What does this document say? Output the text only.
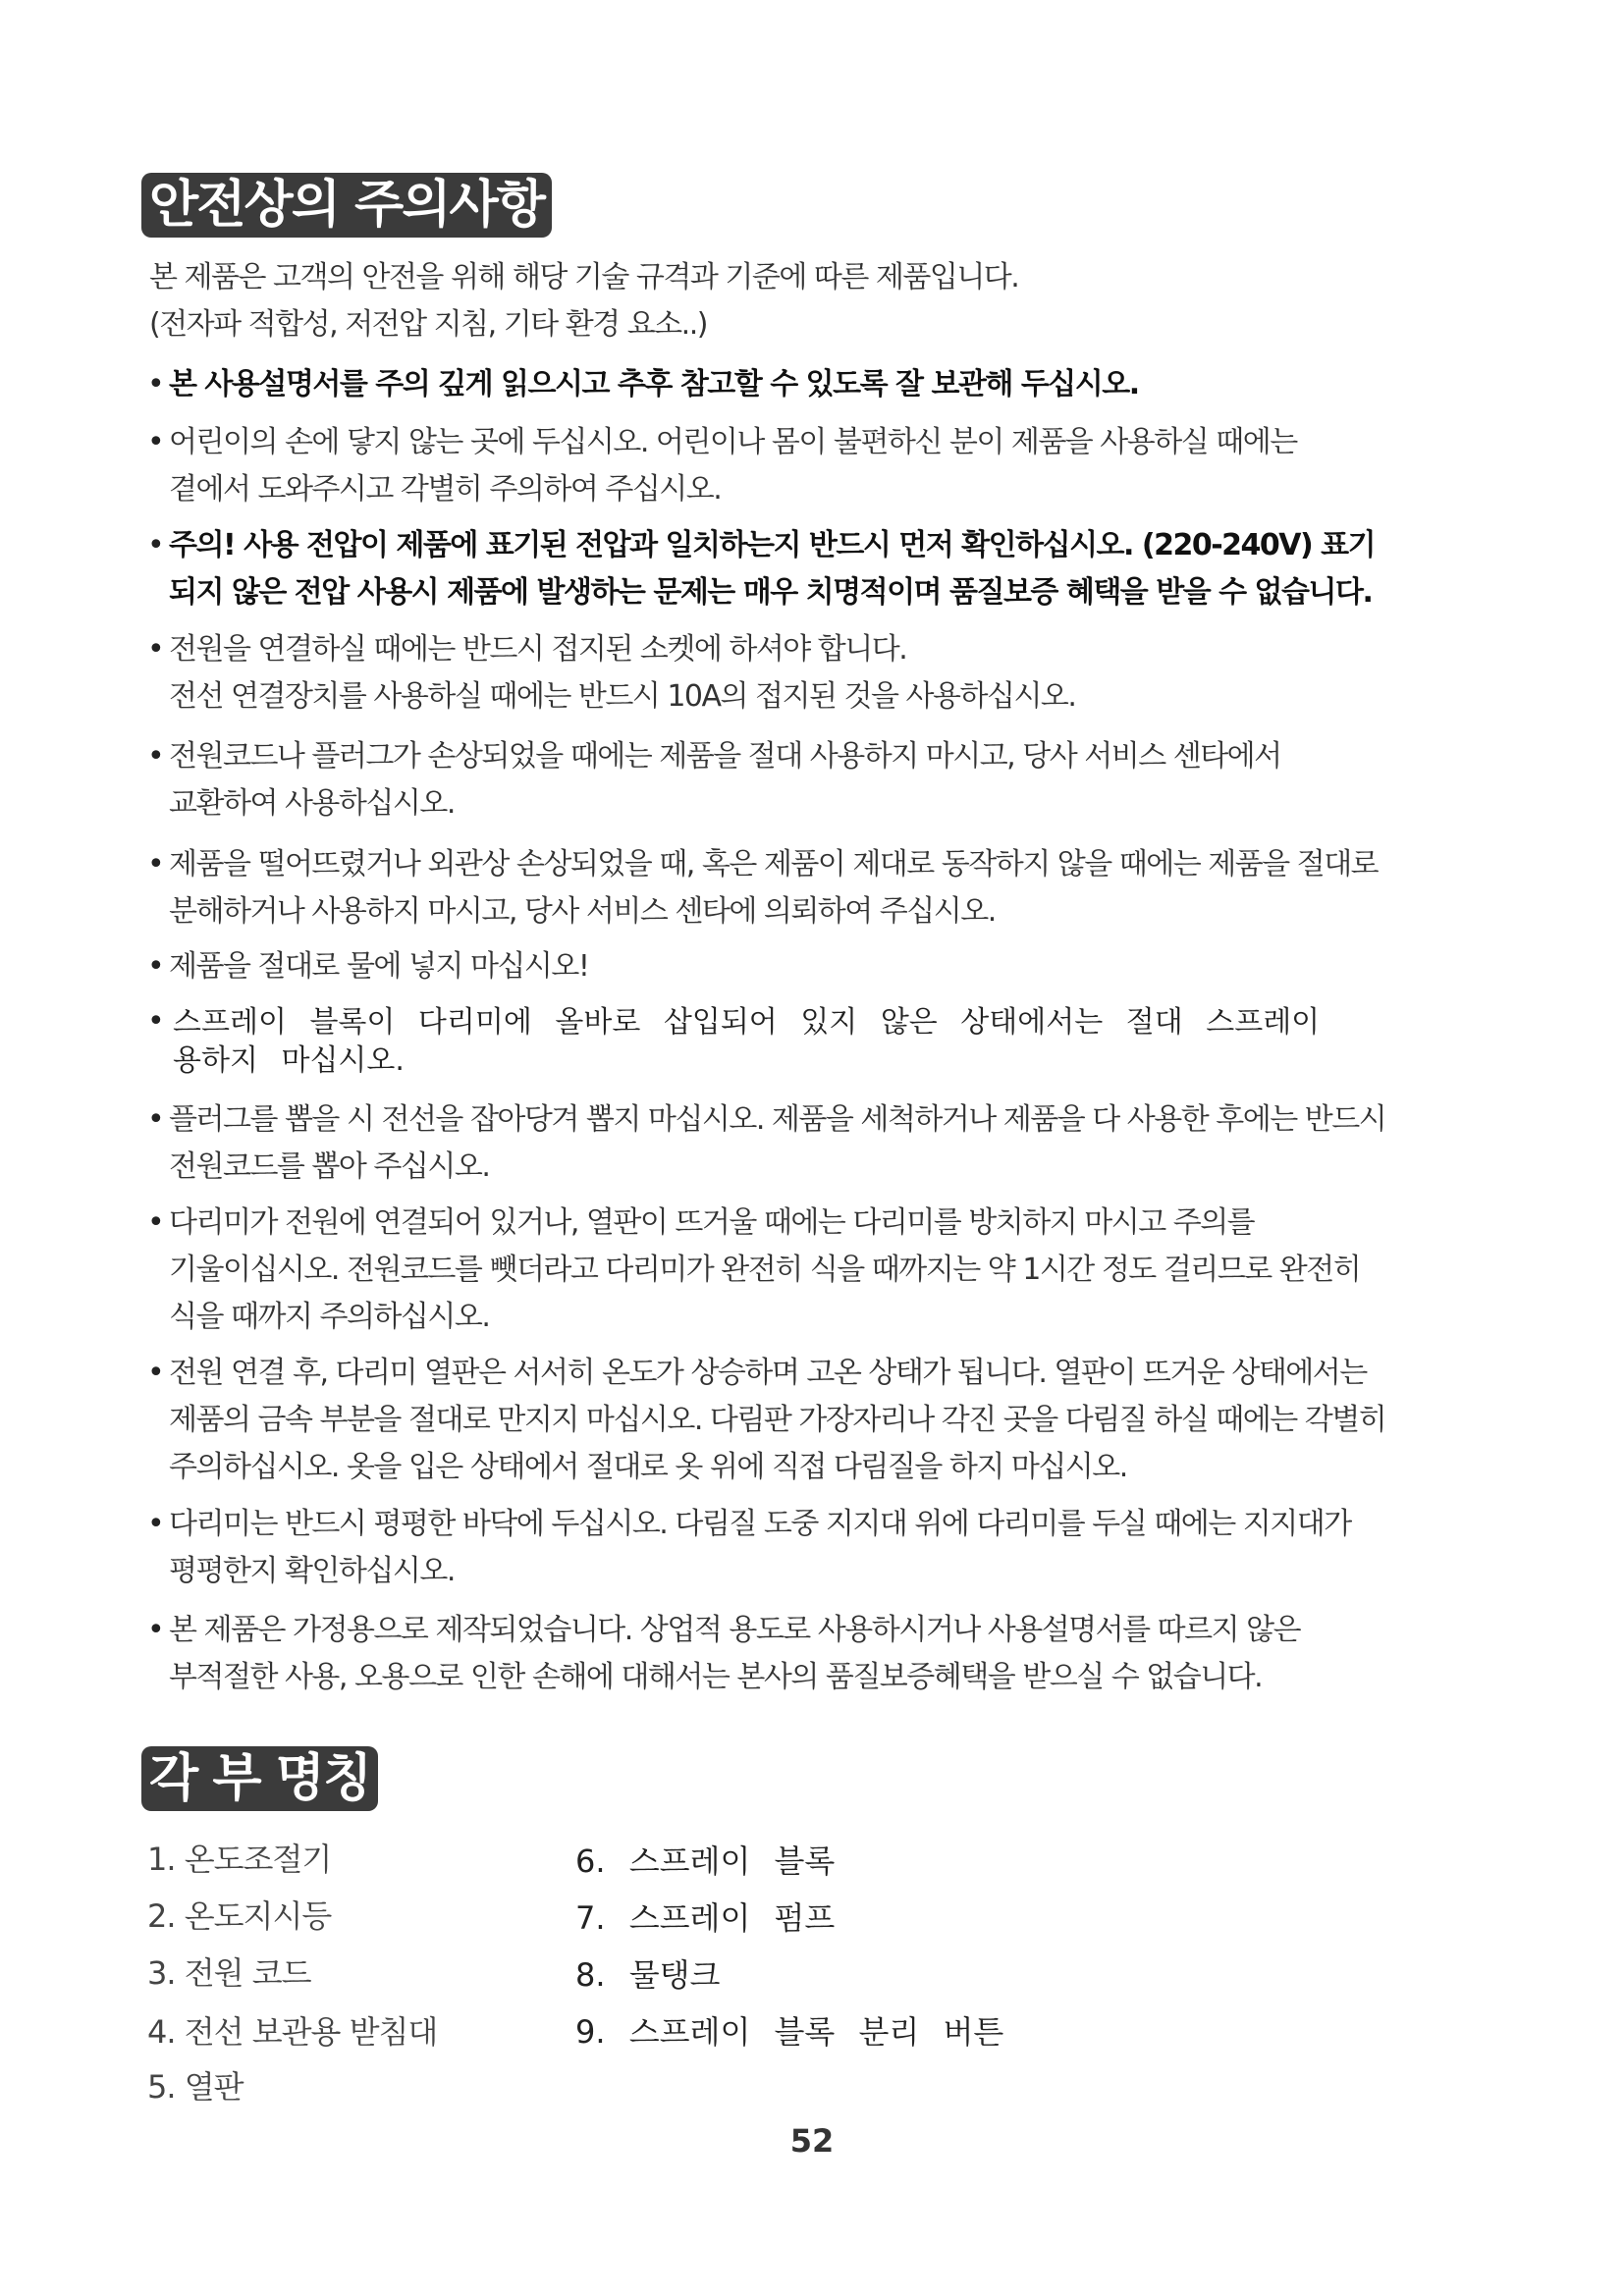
안전상의 주의사항
본 제품은 고객의 안전을 위해 해당 기술 규격과 기준에 따른 제품입니다.
(전자파 적합성, 저전압 지침, 기타 환경 요소..)
• 본 사용설명서를 주의 깊게 읽으시고 추후 참고할 수 있도록 잘 보관해 두십시오.
• 어린이의 손에 닿지 않는 곳에 두십시오. 어린이나 몸이 불편하신 분이 제품을 사용하실 때에는
곁에서 도와주시고 각별히 주의하여 주십시오.
• 주의! 사용 전압이 제품에 표기된 전압과 일치하는지 반드시 먼저 확인하십시오. (220-240V) 표기
되지 않은 전압 사용시 제품에 발생하는 문제는 매우 치명적이며 품질보증 혜택을 받을 수 없습니다.
• 전원을 연결하실 때에는 반드시 접지된 소켓에 하셔야 합니다.
전선 연결장치를 사용하실 때에는 반드시 10A의 접지된 것을 사용하십시오.
• 전원코드나 플러그가 손상되었을 때에는 제품을 절대 사용하지 마시고, 당사 서비스 센타에서
교환하여 사용하십시오.
• 제품을 떨어뜨렸거나 외관상 손상되었을 때, 혹은 제품이 제대로 동작하지 않을 때에는 제품을 절대로
분해하거나 사용하지 마시고, 당사 서비스 센타에 의뢰하여 주십시오.
• 제품을 절대로 물에 넣지 마십시오!
• 스프레이 블록이 다리미에 올바로 삽입되어 있지 않은 상태에서는 절대 스프레이
용하지 마십시오.
• 플러그를 뽑을 시 전선을 잡아당겨 뽑지 마십시오. 제품을 세척하거나 제품을 다 사용한 후에는 반드시
전원코드를 뽑아 주십시오.
• 다리미가 전원에 연결되어 있거나, 열판이 뜨거울 때에는 다리미를 방치하지 마시고 주의를
기울이십시오. 전원코드를 뺏더라고 다리미가 완전히 식을 때까지는 약 1시간 정도 걸리므로 완전히
식을 때까지 주의하십시오.
• 전원 연결 후, 다리미 열판은 서서히 온도가 상승하며 고온 상태가 됩니다. 열판이 뜨거운 상태에서는
제품의 금속 부분을 절대로 만지지 마십시오. 다림판 가장자리나 각진 곳을 다림질 하실 때에는 각별히
주의하십시오. 옷을 입은 상태에서 절대로 옷 위에 직접 다림질을 하지 마십시오.
• 다리미는 반드시 평평한 바닥에 두십시오. 다림질 도중 지지대 위에 다리미를 두실 때에는 지지대가
평평한지 확인하십시오.
• 본 제품은 가정용으로 제작되었습니다. 상업적 용도로 사용하시거나 사용설명서를 따르지 않은
부적절한 사용, 오용으로 인한 손해에 대해서는 본사의 품질보증혜택을 받으실 수 없습니다.
각 부 명칭
1. 온도조절기
2. 온도지시등
3. 전원 코드
4. 전선 보관용 받침대
5. 열판
6. 스프레이 블록
7. 스프레이 펌프
8. 물탱크
9. 스프레이 블록 분리 버튼
52
